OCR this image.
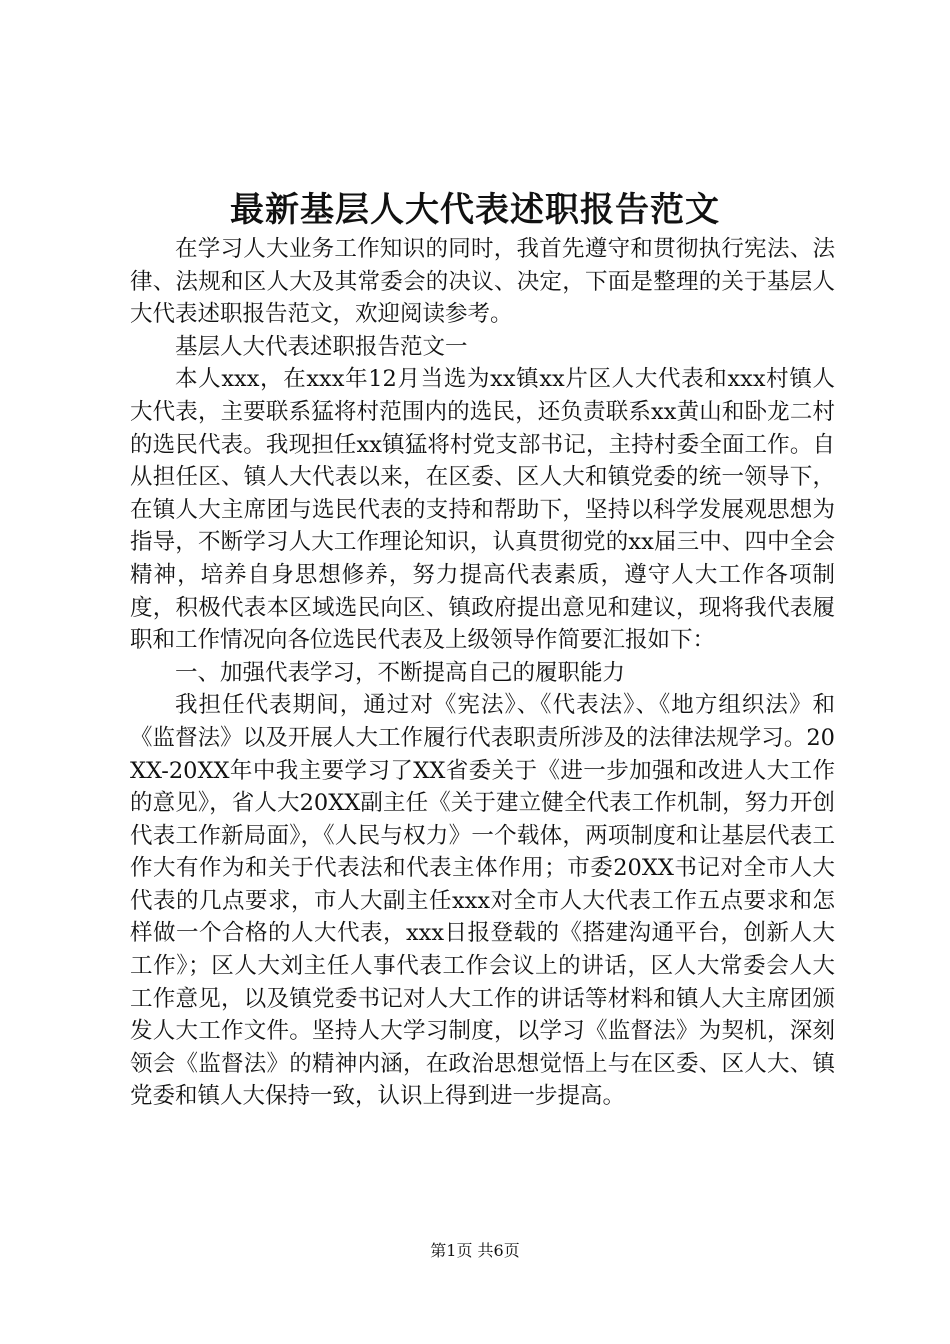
最新基层人大代表述职报告范文

在学习人大业务工作知识的同时，我首先遵守和贯彻执行宪法、法律、法规和区人大及其常委会的决议、决定，下面是整理的关于基层人大代表述职报告范文，欢迎阅读参考。

基层人大代表述职报告范文一

本人xxx，在xxx年12月当选为xx镇xx片区人大代表和xxx村镇人大代表，主要联系猛将村范围内的选民，还负责联系xx黄山和卧龙二村的选民代表。我现担任xx镇猛将村党支部书记，主持村委全面工作。自从担任区、镇人大代表以来，在区委、区人大和镇党委的统一领导下，在镇人大主席团与选民代表的支持和帮助下，坚持以科学发展观思想为指导，不断学习人大工作理论知识，认真贯彻党的xx届三中、四中全会精神，培养自身思想修养，努力提高代表素质，遵守人大工作各项制度，积极代表本区域选民向区、镇政府提出意见和建议，现将我代表履职和工作情况向各位选民代表及上级领导作简要汇报如下：

一、加强代表学习，不断提高自己的履职能力

我担任代表期间，通过对《宪法》、《代表法》、《地方组织法》和《监督法》以及开展人大工作履行代表职责所涉及的法律法规学习。20XX-20XX年中我主要学习了XX省委关于《进一步加强和改进人大工作的意见》，省人大20XX副主任《关于建立健全代表工作机制，努力开创代表工作新局面》，《人民与权力》一个载体，两项制度和让基层代表工作大有作为和关于代表法和代表主体作用；市委20XX书记对全市人大代表的几点要求，市人大副主任xxx对全市人大代表工作五点要求和怎样做一个合格的人大代表，xxx日报登载的《搭建沟通平台，创新人大工作》；区人大刘主任人事代表工作会议上的讲话，区人大常委会人大工作意见，以及镇党委书记对人大工作的讲话等材料和镇人大主席团颁发人大工作文件。坚持人大学习制度，以学习《监督法》为契机，深刻领会《监督法》的精神内涵，在政治思想觉悟上与在区委、区人大、镇党委和镇人大保持一致，认识上得到进一步提高。

第1页 共6页
